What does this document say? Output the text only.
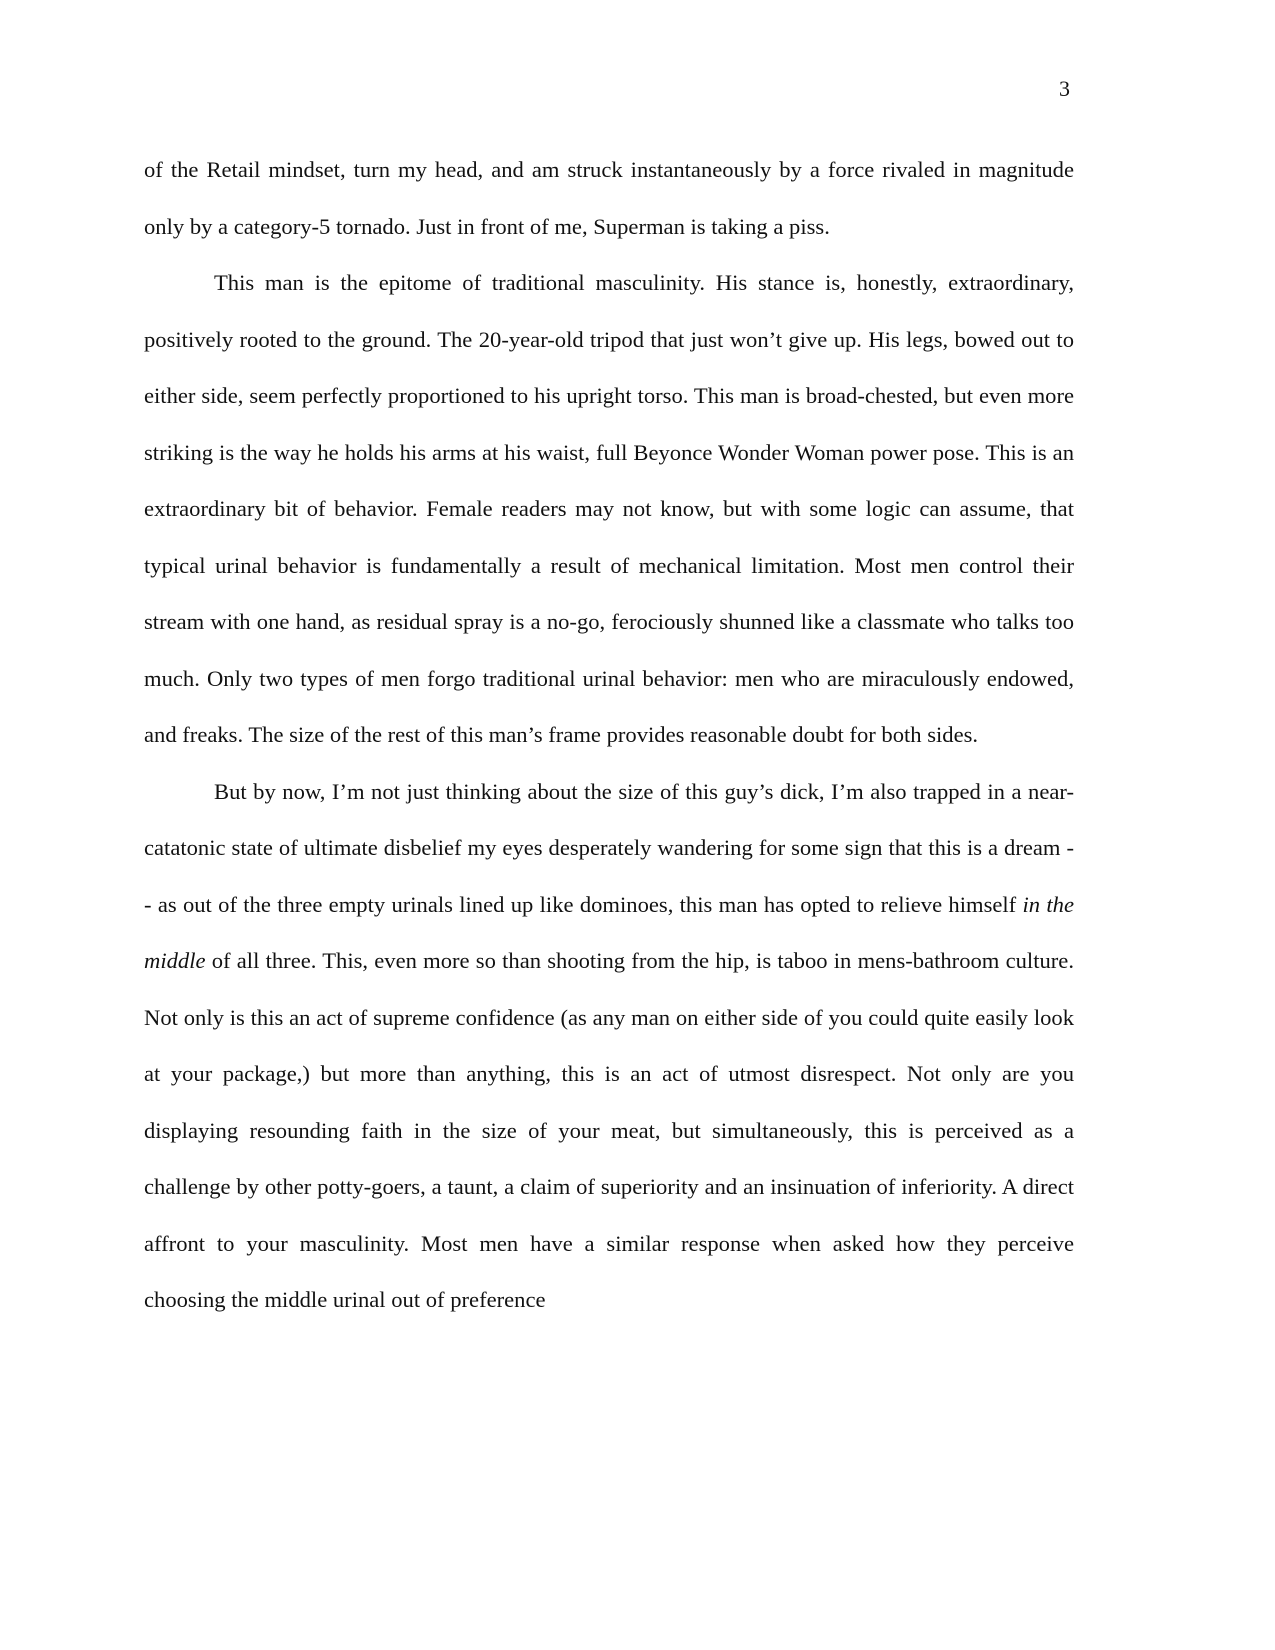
3

of the Retail mindset, turn my head, and am struck instantaneously by a force rivaled in magnitude only by a category-5 tornado. Just in front of me, Superman is taking a piss.

This man is the epitome of traditional masculinity. His stance is, honestly, extraordinary, positively rooted to the ground. The 20-year-old tripod that just won’t give up. His legs, bowed out to either side, seem perfectly proportioned to his upright torso. This man is broad-chested, but even more striking is the way he holds his arms at his waist, full Beyonce Wonder Woman power pose. This is an extraordinary bit of behavior. Female readers may not know, but with some logic can assume, that typical urinal behavior is fundamentally a result of mechanical limitation. Most men control their stream with one hand, as residual spray is a no-go, ferociously shunned like a classmate who talks too much. Only two types of men forgo traditional urinal behavior: men who are miraculously endowed, and freaks. The size of the rest of this man’s frame provides reasonable doubt for both sides.

But by now, I’m not just thinking about the size of this guy’s dick, I’m also trapped in a near-catatonic state of ultimate disbelief my eyes desperately wandering for some sign that this is a dream -- as out of the three empty urinals lined up like dominoes, this man has opted to relieve himself in the middle of all three. This, even more so than shooting from the hip, is taboo in mens-bathroom culture. Not only is this an act of supreme confidence (as any man on either side of you could quite easily look at your package,) but more than anything, this is an act of utmost disrespect. Not only are you displaying resounding faith in the size of your meat, but simultaneously, this is perceived as a challenge by other potty-goers, a taunt, a claim of superiority and an insinuation of inferiority. A direct affront to your masculinity. Most men have a similar response when asked how they perceive choosing the middle urinal out of preference
